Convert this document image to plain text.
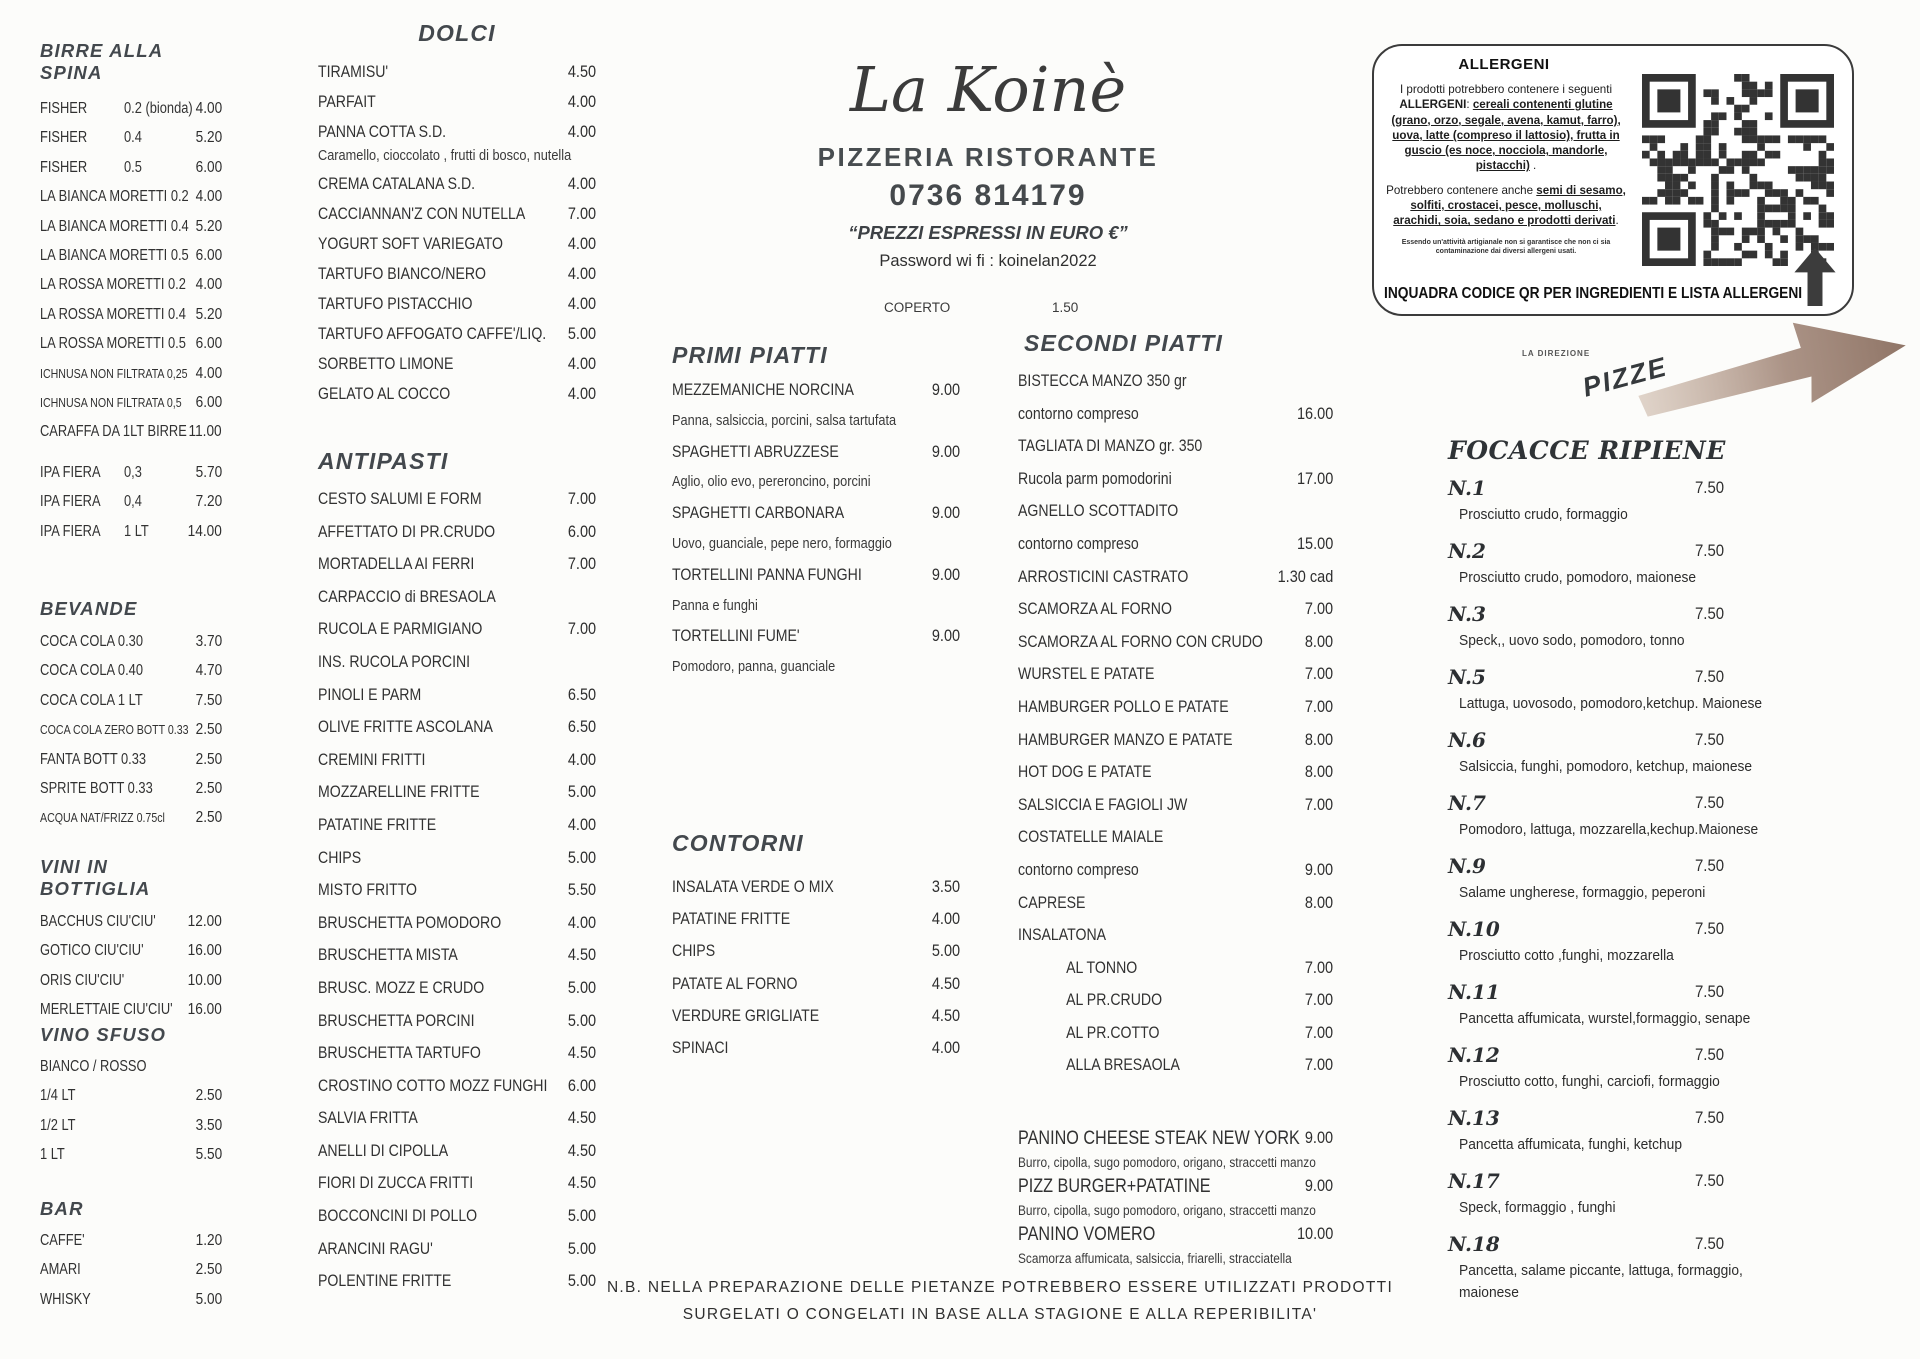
BIRRE ALLA SPINA
FISHER 0.2 (bionda) 4.00
FISHER 0.4	5.20
FISHER 0.5	6.00
LA BIANCA MORETTI 0.2 4.00
LA BIANCA MORETTI 0.4 5.20
LA BIANCA MORETTI 0.5 6.00
LA ROSSA MORETTI 0.2 4.00
LA ROSSA MORETTI 0.4 5.20
LA ROSSA MORETTI 0.5 6.00
ICHNUSA NON FILTRATA 0,25 4.00
ICHNUSA NON FILTRATA 0,5 6.00
CARAFFA DA 1LT BIRRE 11.00
IPA FIERA 0,3	5.70
IPA FIERA 0,4	7.20
IPA FIERA 1 LT	14.00
BEVANDE
COCA COLA 0.30	3.70
COCA COLA 0.40	4.70
COCA COLA 1 LT	7.50
COCA COLA ZERO BOTT 0.33 2.50
FANTA BOTT 0.33	2.50
SPRITE BOTT 0.33	2.50
ACQUA NAT/FRIZZ 0.75cl 2.50
VINI IN BOTTIGLIA
BACCHUS CIU'CIU' 12.00
GOTICO CIU'CIU'	16.00
ORIS CIU'CIU'	10.00
MERLETTAIE CIU'CIU' 16.00
VINO SFUSO
BIANCO / ROSSO
1/4 LT	2.50
1/2 LT	3.50
1 LT	5.50
BAR
CAFFE'	1.20
AMARI	2.50
WHISKY	5.00
DOLCI
TIRAMISU'	4.50
PARFAIT	4.00
PANNA COTTA S.D.	4.00
Caramello, cioccolato , frutti di bosco, nutella
CREMA CATALANA S.D.	4.00
CACCIANNAN'Z CON NUTELLA	7.00
YOGURT SOFT VARIEGATO	4.00
TARTUFO BIANCO/NERO	4.00
TARTUFO PISTACCHIO	4.00
TARTUFO AFFOGATO CAFFE'/LIQ. 5.00
SORBETTO LIMONE	4.00
GELATO AL COCCO	4.00
ANTIPASTI
CESTO SALUMI E FORM	7.00
AFFETTATO DI PR.CRUDO	6.00
MORTADELLA AI FERRI	7.00
CARPACCIO di BRESAOLA
RUCOLA E PARMIGIANO	7.00
INS. RUCOLA PORCINI
PINOLI E PARM	6.50
OLIVE FRITTE ASCOLANA	6.50
CREMINI FRITTI	4.00
MOZZARELLINE FRITTE	5.00
PATATINE FRITTE	4.00
CHIPS	5.00
MISTO FRITTO	5.50
BRUSCHETTA POMODORO	4.00
BRUSCHETTA MISTA	4.50
BRUSC. MOZZ E CRUDO	5.00
BRUSCHETTA PORCINI	5.00
BRUSCHETTA TARTUFO	4.50
CROSTINO COTTO MOZZ FUNGHI 6.00
SALVIA FRITTA	4.50
ANELLI DI CIPOLLA	4.50
FIORI DI ZUCCA FRITTI	4.50
BOCCONCINI DI POLLO	5.00
ARANCINI RAGU'	5.00
POLENTINE FRITTE	5.00
La Koinè
PIZZERIA RISTORANTE
0736 814179
“PREZZI ESPRESSI IN EURO €”
Password wi fi : koinelan2022
COPERTO	1.50
PRIMI PIATTI
MEZZEMANICHE NORCINA	9.00
Panna, salsiccia, porcini, salsa tartufata
SPAGHETTI ABRUZZESE	9.00
Aglio, olio evo, pereroncino, porcini
SPAGHETTI CARBONARA	9.00
Uovo, guanciale, pepe nero, formaggio
TORTELLINI PANNA FUNGHI	9.00
Panna e funghi
TORTELLINI FUME'	9.00
Pomodoro, panna, guanciale
CONTORNI
INSALATA VERDE O MIX	3.50
PATATINE FRITTE	4.00
CHIPS	5.00
PATATE AL FORNO	4.50
VERDURE GRIGLIATE	4.50
SPINACI	4.00
SECONDI PIATTI
BISTECCA MANZO 350 gr
contorno compreso	16.00
TAGLIATA DI MANZO gr. 350
Rucola parm pomodorini	17.00
AGNELLO SCOTTADITO
contorno compreso	15.00
ARROSTICINI CASTRATO	1.30 cad
SCAMORZA AL FORNO	7.00
SCAMORZA AL FORNO CON CRUDO	8.00
WURSTEL E PATATE	7.00
HAMBURGER POLLO E PATATE	7.00
HAMBURGER MANZO E PATATE	8.00
HOT DOG E PATATE	8.00
SALSICCIA E FAGIOLI JW	7.00
COSTATELLE MAIALE
contorno compreso	9.00
CAPRESE	8.00
INSALATONA
AL TONNO	7.00
AL PR.CRUDO	7.00
AL PR.COTTO	7.00
ALLA BRESAOLA	7.00
PANINO CHEESE STEAK NEW YORK 9.00
Burro, cipolla, sugo pomodoro, origano, straccetti manzo
PIZZ BURGER+PATATINE	9.00
Burro, cipolla, sugo pomodoro, origano, straccetti manzo
PANINO VOMERO	10.00
Scamorza affumicata, salsiccia, friarelli, stracciatella
N.B. NELLA PREPARAZIONE DELLE PIETANZE POTREBBERO ESSERE UTILIZZATI PRODOTTI
SURGELATI O CONGELATI IN BASE ALLA STAGIONE E ALLA REPERIBILITA'
ALLERGENI
I prodotti potrebbero contenere i seguenti ALLERGENI: cereali contenenti glutine (grano, orzo, segale, avena, kamut, farro), uova, latte (compreso il lattosio), frutta in guscio (es noce, nocciola, mandorle, pistacchi) .
Potrebbero contenere anche semi di sesamo, solfiti, crostacei, pesce, molluschi, arachidi, soia, sedano e prodotti derivati.
Essendo un'attività artigianale non si garantisce che non ci sia contaminazione dai diversi allergeni usati.
INQUADRA CODICE QR PER INGREDIENTI E LISTA ALLERGENI
LA DIREZIONE
PIZZE
FOCACCE RIPIENE
N.1	7.50
Prosciutto crudo, formaggio
N.2	7.50
Prosciutto crudo, pomodoro, maionese
N.3	7.50
Speck,, uovo sodo, pomodoro, tonno
N.5	7.50
Lattuga, uovosodo, pomodoro,ketchup. Maionese
N.6	7.50
Salsiccia, funghi, pomodoro, ketchup, maionese
N.7	7.50
Pomodoro, lattuga, mozzarella,kechup.Maionese
N.9	7.50
Salame ungherese, formaggio, peperoni
N.10	7.50
Prosciutto cotto ,funghi, mozzarella
N.11	7.50
Pancetta affumicata, wurstel,formaggio, senape
N.12	7.50
Prosciutto cotto, funghi, carciofi, formaggio
N.13	7.50
Pancetta affumicata, funghi, ketchup
N.17	7.50
Speck, formaggio , funghi
N.18	7.50
Pancetta, salame piccante, lattuga, formaggio, maionese
